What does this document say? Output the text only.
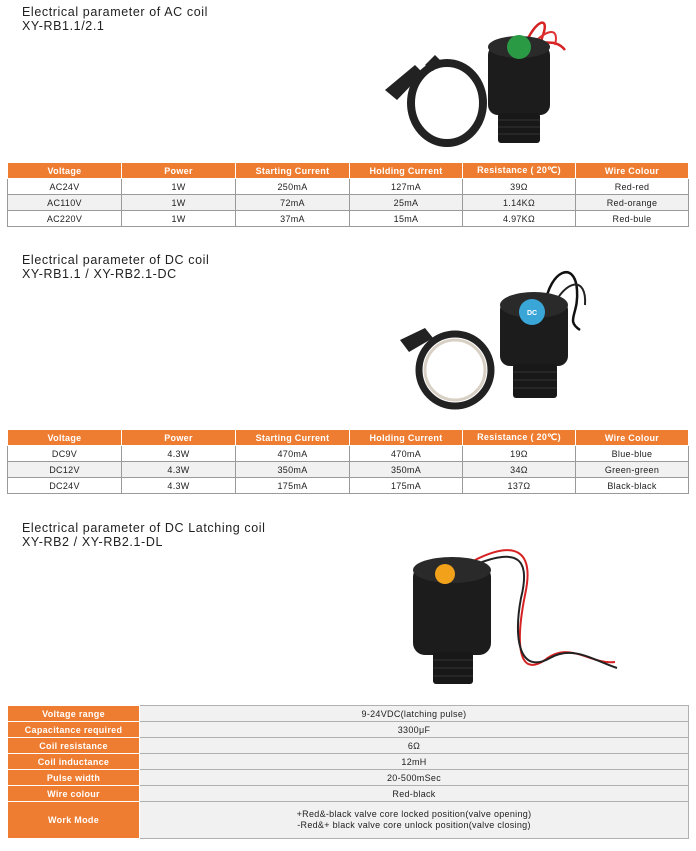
Electrical parameter of AC coil
XY-RB1.1/2.1
Voltage	Power	Starting Current	Holding Current	Resistance ( 20℃)	Wire Colour
AC24V	1W	250mA	127mA	39Ω	Red-red
AC110V	1W	72mA	25mA	1.14KΩ	Red-orange
AC220V	1W	37mA	15mA	4.97KΩ	Red-bule
Electrical parameter of DC coil
XY-RB1.1 / XY-RB2.1-DC
DC
Voltage	Power	Starting Current	Holding Current	Resistance ( 20℃)	Wire Colour
DC9V	4.3W	470mA	470mA	19Ω	Blue-blue
DC12V	4.3W	350mA	350mA	34Ω	Green-green
DC24V	4.3W	175mA	175mA	137Ω	Black-black
Electrical parameter of DC Latching coil
XY-RB2 / XY-RB2.1-DL
Voltage range	9-24VDC(latching pulse)
Capacitance required	3300μF
Coil resistance	6Ω
Coil inductance	12mH
Pulse width	20-500mSec
Wire colour	Red-black
Work Mode	+Red&-black valve core locked position(valve opening)
-Red&+ black valve core unlock position(valve closing)
